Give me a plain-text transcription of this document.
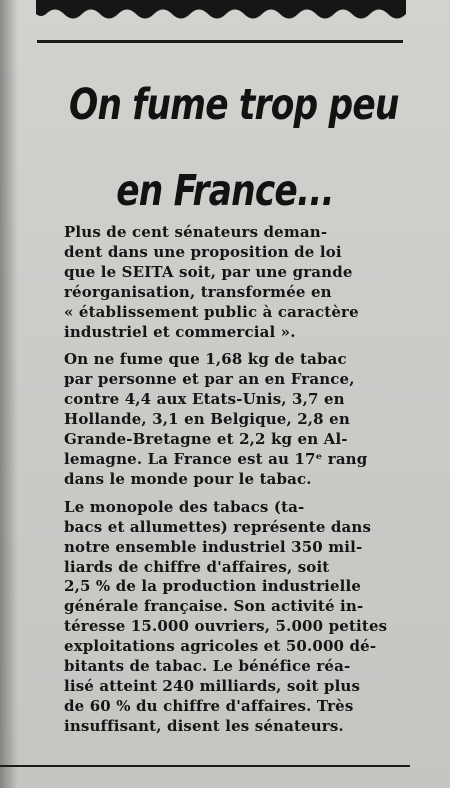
On fume trop peu
en France...

Plus de cent sénateurs deman-
dent dans une proposition de loi
que le SEITA soit, par une grande
réorganisation, transformée en
« établissement public à caractère
industriel et commercial ».

On ne fume que 1,68 kg de tabac
par personne et par an en France,
contre 4,4 aux Etats-Unis, 3,7 en
Hollande, 3,1 en Belgique, 2,8 en
Grande-Bretagne et 2,2 kg en Al-
lemagne. La France est au 17ᵉ rang
dans le monde pour le tabac.

Le monopole des tabacs (ta-
bacs et allumettes) représente dans
notre ensemble industriel 350 mil-
liards de chiffre d'affaires, soit
2,5 % de la production industrielle
générale française. Son activité in-
téresse 15.000 ouvriers, 5.000 petites
exploitations agricoles et 50.000 dé-
bitants de tabac. Le bénéfice réa-
lisé atteint 240 milliards, soit plus
de 60 % du chiffre d'affaires. Très
insuffisant, disent les sénateurs.
